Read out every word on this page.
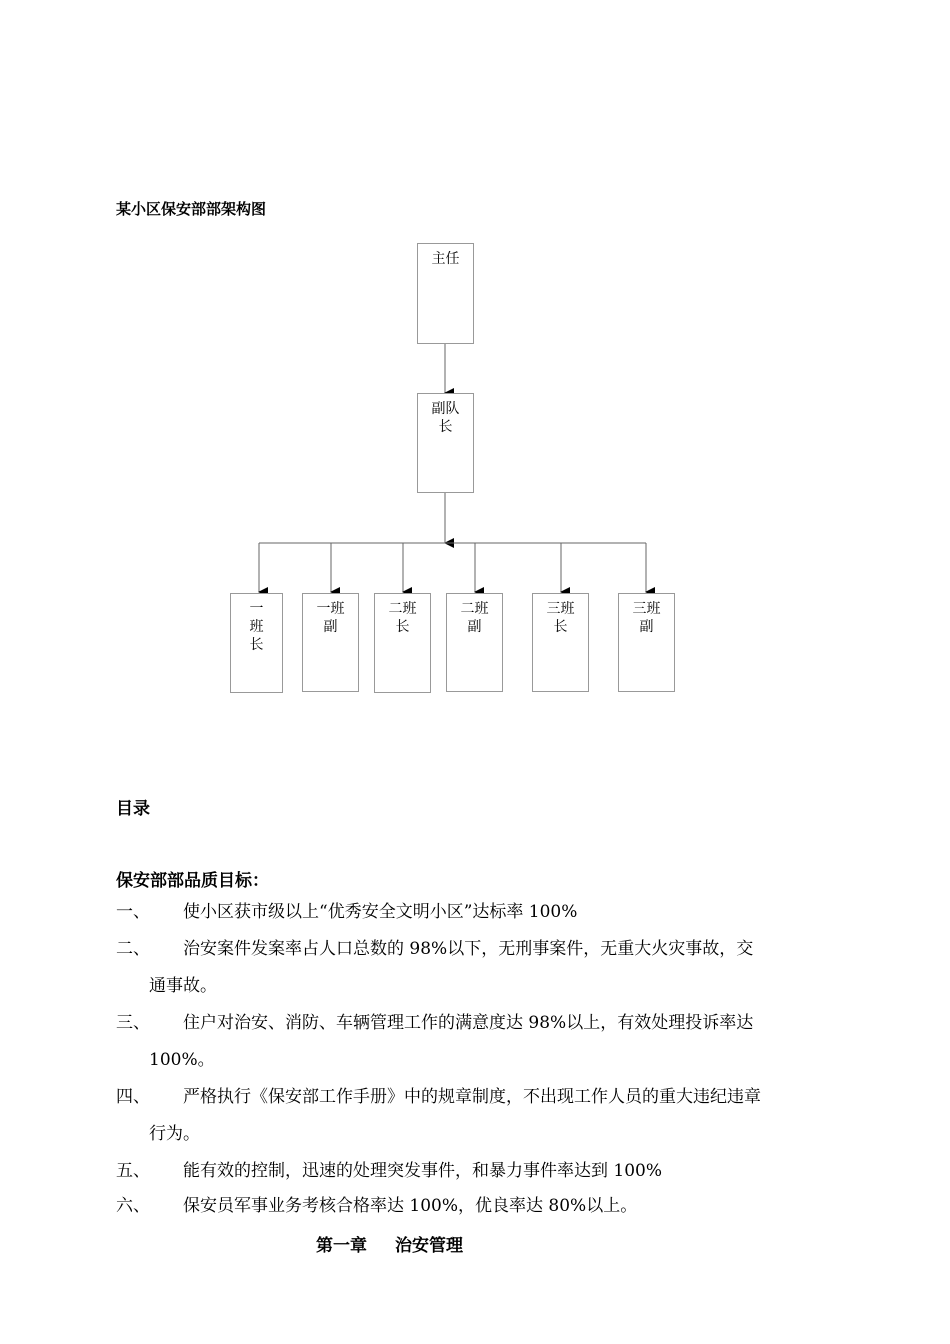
某小区保安部部架构图
主任
副队
长
一
班
长
一班
副
二班
长
二班
副
三班
长
三班
副
目录
保安部部品质目标：
一、 使小区获市级以上“优秀安全文明小区”达标率 100%
二、 治安案件发案率占人口总数的 98%以下，无刑事案件，无重大火灾事故，交
通事故。
三、 住户对治安、消防、车辆管理工作的满意度达 98%以上，有效处理投诉率达
100%。
四、 严格执行《保安部工作手册》中的规章制度，不出现工作人员的重大违纪违章
行为。
五、 能有效的控制，迅速的处理突发事件，和暴力事件率达到 100%
六、 保安员军事业务考核合格率达 100%，优良率达 80%以上。
第一章 治安管理
